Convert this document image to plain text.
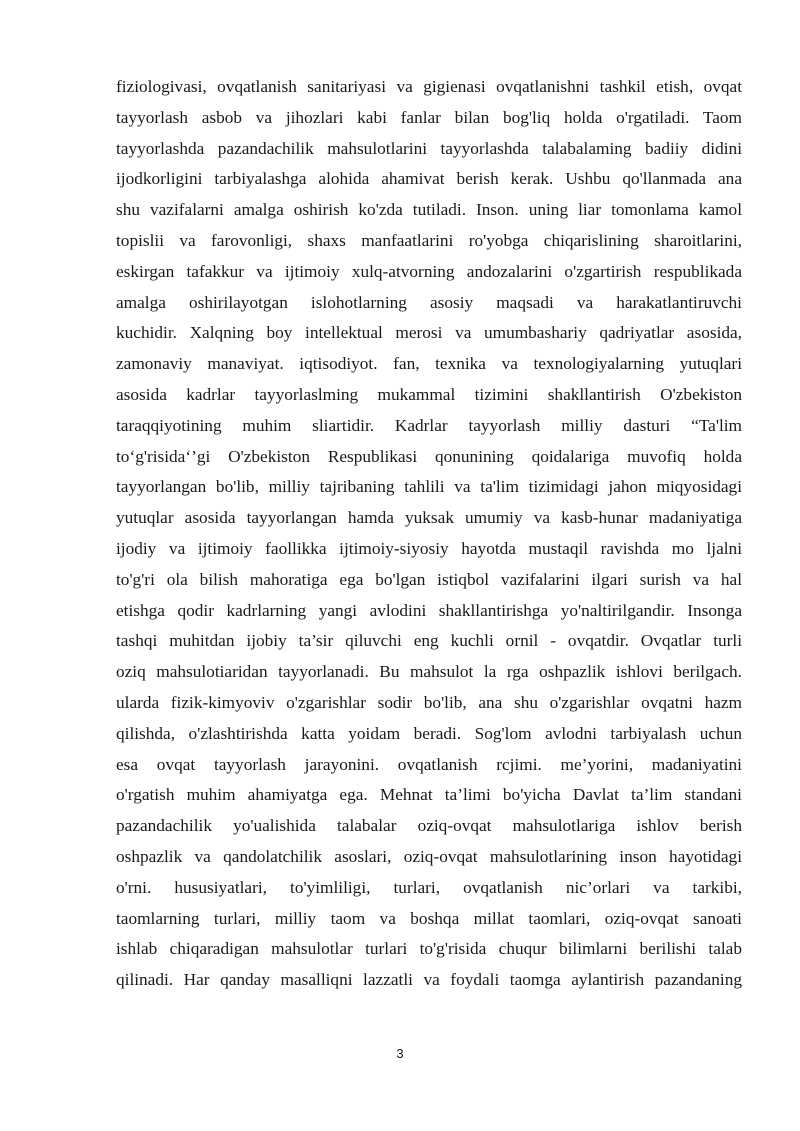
fiziologivasi, ovqatlanish sanitariyasi va gigienasi ovqatlanishni tashkil etish, ovqat
tayyorlash asbob va jihozlari kabi fanlar bilan bog'liq holda o'rgatiladi. Taom
tayyorlashda pazandachilik mahsulotlarini tayyorlashda talabalaming badiiy didini
ijodkorligini tarbiyalashga alohida ahamivat berish kerak. Ushbu qo'llanmada ana
shu vazifalarni amalga oshirish ko'zda tutiladi. Inson. uning liar tomonlama kamol
topislii va farovonligi, shaxs manfaatlarini ro'yobga chiqarislining sharoitlarini,
eskirgan tafakkur va ijtimoiy xulq-atvorning andozalarini o'zgartirish respublikada
amalga oshirilayotgan islohotlarning asosiy maqsadi va harakatlantiruvchi
kuchidir. Xalqning boy intellektual merosi va umumbashariy qadriyatlar asosida,
zamonaviy manaviyat. iqtisodiyot. fan, texnika va texnologiyalarning yutuqlari
asosida kadrlar tayyorlaslming mukammal tizimini shakllantirish O'zbekiston
taraqqiyotining muhim sliartidir. Kadrlar tayyorlash milliy dasturi “Ta'lim
to‘g'risida‘’gi O'zbekiston Respublikasi qonunining qoidalariga muvofiq holda
tayyorlangan bo'lib, milliy tajribaning tahlili va ta'lim tizimidagi jahon miqyosidagi
yutuqlar asosida tayyorlangan hamda yuksak umumiy va kasb-hunar madaniyatiga
ijodiy va ijtimoiy faollikka ijtimoiy-siyosiy hayotda mustaqil ravishda mo ljalni
to'g'ri ola bilish mahoratiga ega bo'lgan istiqbol vazifalarini ilgari surish va hal
etishga qodir kadrlarning yangi avlodini shakllantirishga yo'naltirilgandir. Insonga
tashqi muhitdan ijobiy ta’sir qiluvchi eng kuchli ornil - ovqatdir. Ovqatlar turli
oziq mahsulotiaridan tayyorlanadi. Bu mahsulot la rga oshpazlik ishlovi berilgach.
ularda fizik-kimyoviv o'zgarishlar sodir bo'lib, ana shu o'zgarishlar ovqatni hazm
qilishda, o'zlashtirishda katta yoidam beradi. Sog'lom avlodni tarbiyalash uchun
esa ovqat tayyorlash jarayonini. ovqatlanish rcjimi. me’yorini, madaniyatini
o'rgatish muhim ahamiyatga ega. Mehnat ta’limi bo'yicha Davlat ta’lim standani
pazandachilik yo'ualishida talabalar oziq-ovqat mahsulotlariga ishlov berish
oshpazlik va qandolatchilik asoslari, oziq-ovqat mahsulotlarining inson hayotidagi
o'rni. hususiyatlari, to'yimliligi, turlari, ovqatlanish nic’orlari va tarkibi,
taomlarning turlari, milliy taom va boshqa millat taomlari, oziq-ovqat sanoati
ishlab chiqaradigan mahsulotlar turlari to'g'risida chuqur bilimlarni berilishi talab
qilinadi. Har qanday masalliqni lazzatli va foydali taomga aylantirish pazandaning
3
